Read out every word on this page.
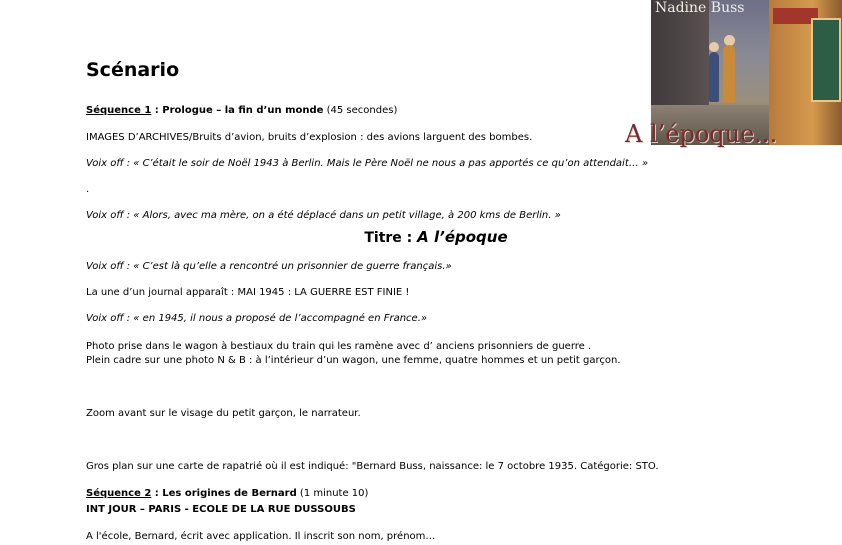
Nadine Buss
A l’époque...
Scénario
Séquence 1 : Prologue – la fin d’un monde (45 secondes)
IMAGES D’ARCHIVES/Bruits d’avion, bruits d’explosion : des avions larguent des bombes.
Voix off : « C’était le soir de Noël 1943 à Berlin. Mais le Père Noël ne nous a pas apportés ce qu’on attendait… »
.
Voix off : « Alors, avec ma mère, on a été déplacé dans un petit village, à 200 kms de Berlin. »
Titre : A l’époque
Voix off : « C’est là qu’elle a rencontré un prisonnier de guerre français.»
La une d’un journal apparaît : MAI 1945 : LA GUERRE EST FINIE !
Voix off : « en 1945, il nous a proposé de l’accompagné en France.»
Photo prise dans le wagon à bestiaux du train qui les ramène avec d’ anciens prisonniers de guerre .
Plein cadre sur une photo N & B : à l’intérieur d’un wagon, une femme, quatre hommes et un petit garçon.
Zoom avant sur le visage du petit garçon, le narrateur.
Gros plan sur une carte de rapatrié où il est indiqué: "Bernard Buss, naissance: le 7 octobre 1935. Catégorie: STO.
Séquence 2 : Les origines de Bernard (1 minute 10)
INT JOUR – PARIS - ECOLE DE LA RUE DUSSOUBS
A l'école, Bernard, écrit avec application. Il inscrit son nom, prénom…
